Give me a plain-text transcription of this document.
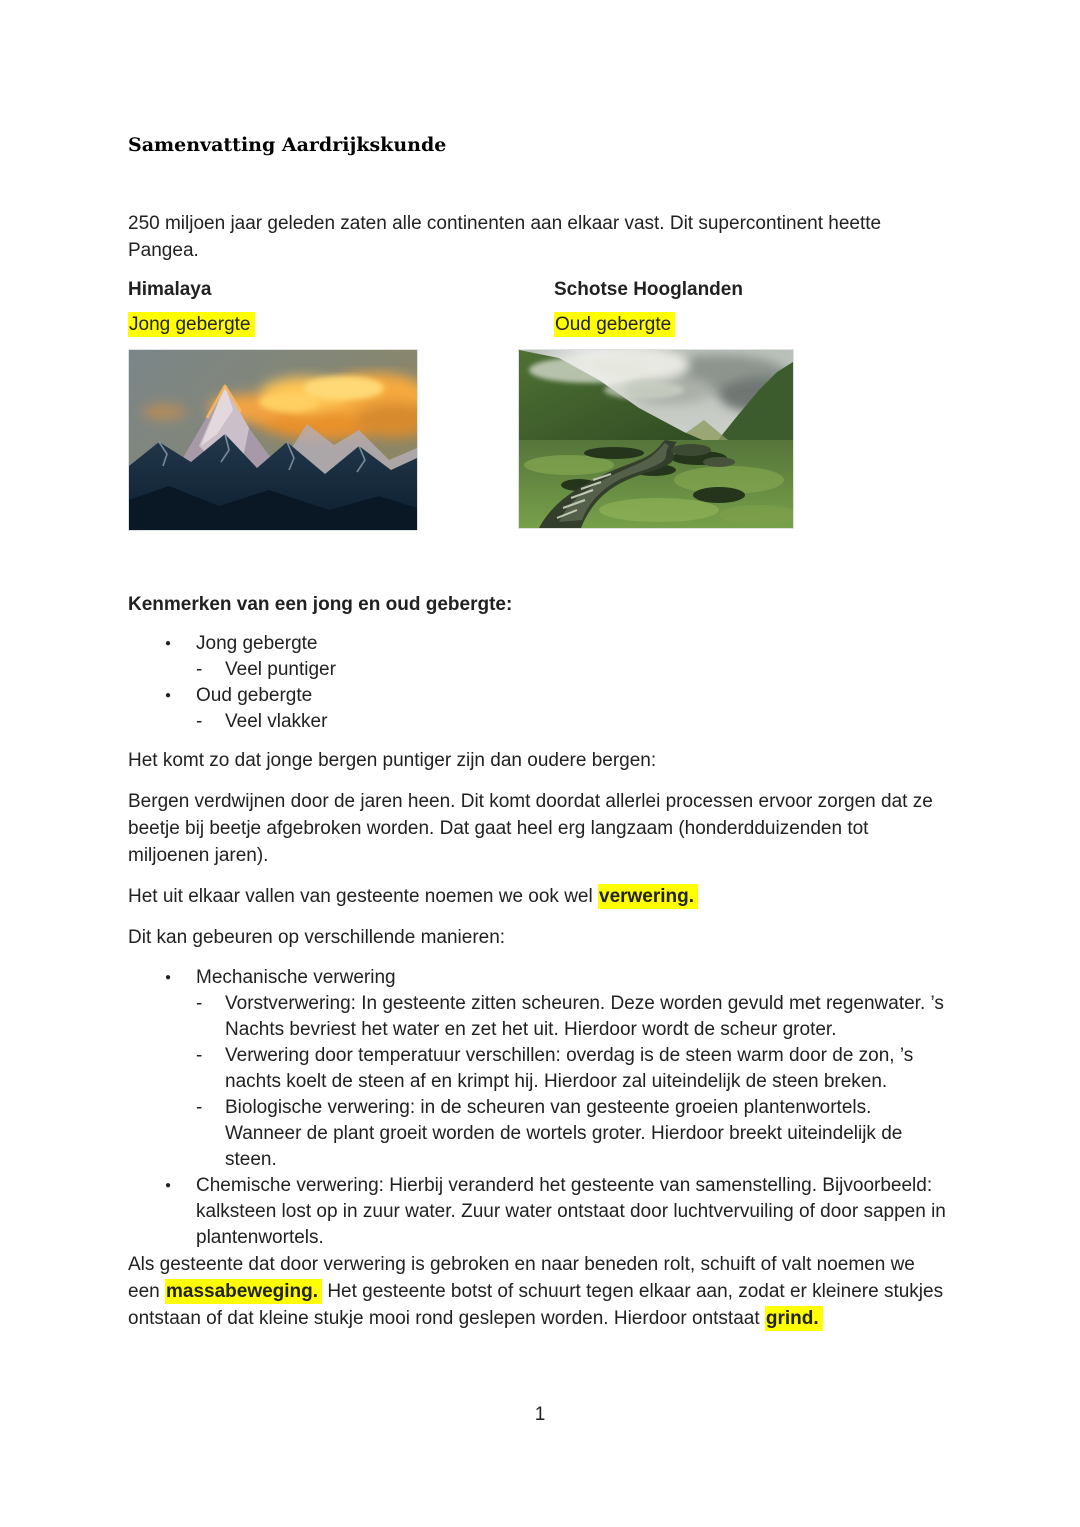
Samenvatting Aardrijkskunde

250 miljoen jaar geleden zaten alle continenten aan elkaar vast. Dit supercontinent heette Pangea.

Himalaya
Jong gebergte
Schotse Hooglanden
Oud gebergte
Kenmerken van een jong en oud gebergte:
●	Jong gebergte
-	Veel puntiger
●	Oud gebergte
-	Veel vlakker

Het komt zo dat jonge bergen puntiger zijn dan oudere bergen:

Bergen verdwijnen door de jaren heen. Dit komt doordat allerlei processen ervoor zorgen dat ze beetje bij beetje afgebroken worden. Dat gaat heel erg langzaam (honderdduizenden tot miljoenen jaren).

Het uit elkaar vallen van gesteente noemen we ook wel verwering.

Dit kan gebeuren op verschillende manieren:

●	Mechanische verwering
-	Vorstverwering: In gesteente zitten scheuren. Deze worden gevuld met regenwater. ’s Nachts bevriest het water en zet het uit. Hierdoor wordt de scheur groter.
-	Verwering door temperatuur verschillen: overdag is de steen warm door de zon, ’s nachts koelt de steen af en krimpt hij. Hierdoor zal uiteindelijk de steen breken.
-	Biologische verwering: in de scheuren van gesteente groeien plantenwortels. Wanneer de plant groeit worden de wortels groter. Hierdoor breekt uiteindelijk de steen.
●	Chemische verwering: Hierbij veranderd het gesteente van samenstelling. Bijvoorbeeld: kalksteen lost op in zuur water. Zuur water ontstaat door luchtvervuiling of door sappen in plantenwortels.

Als gesteente dat door verwering is gebroken en naar beneden rolt, schuift of valt noemen we een massabeweging. Het gesteente botst of schuurt tegen elkaar aan, zodat er kleinere stukjes ontstaan of dat kleine stukje mooi rond geslepen worden. Hierdoor ontstaat grind.

1
